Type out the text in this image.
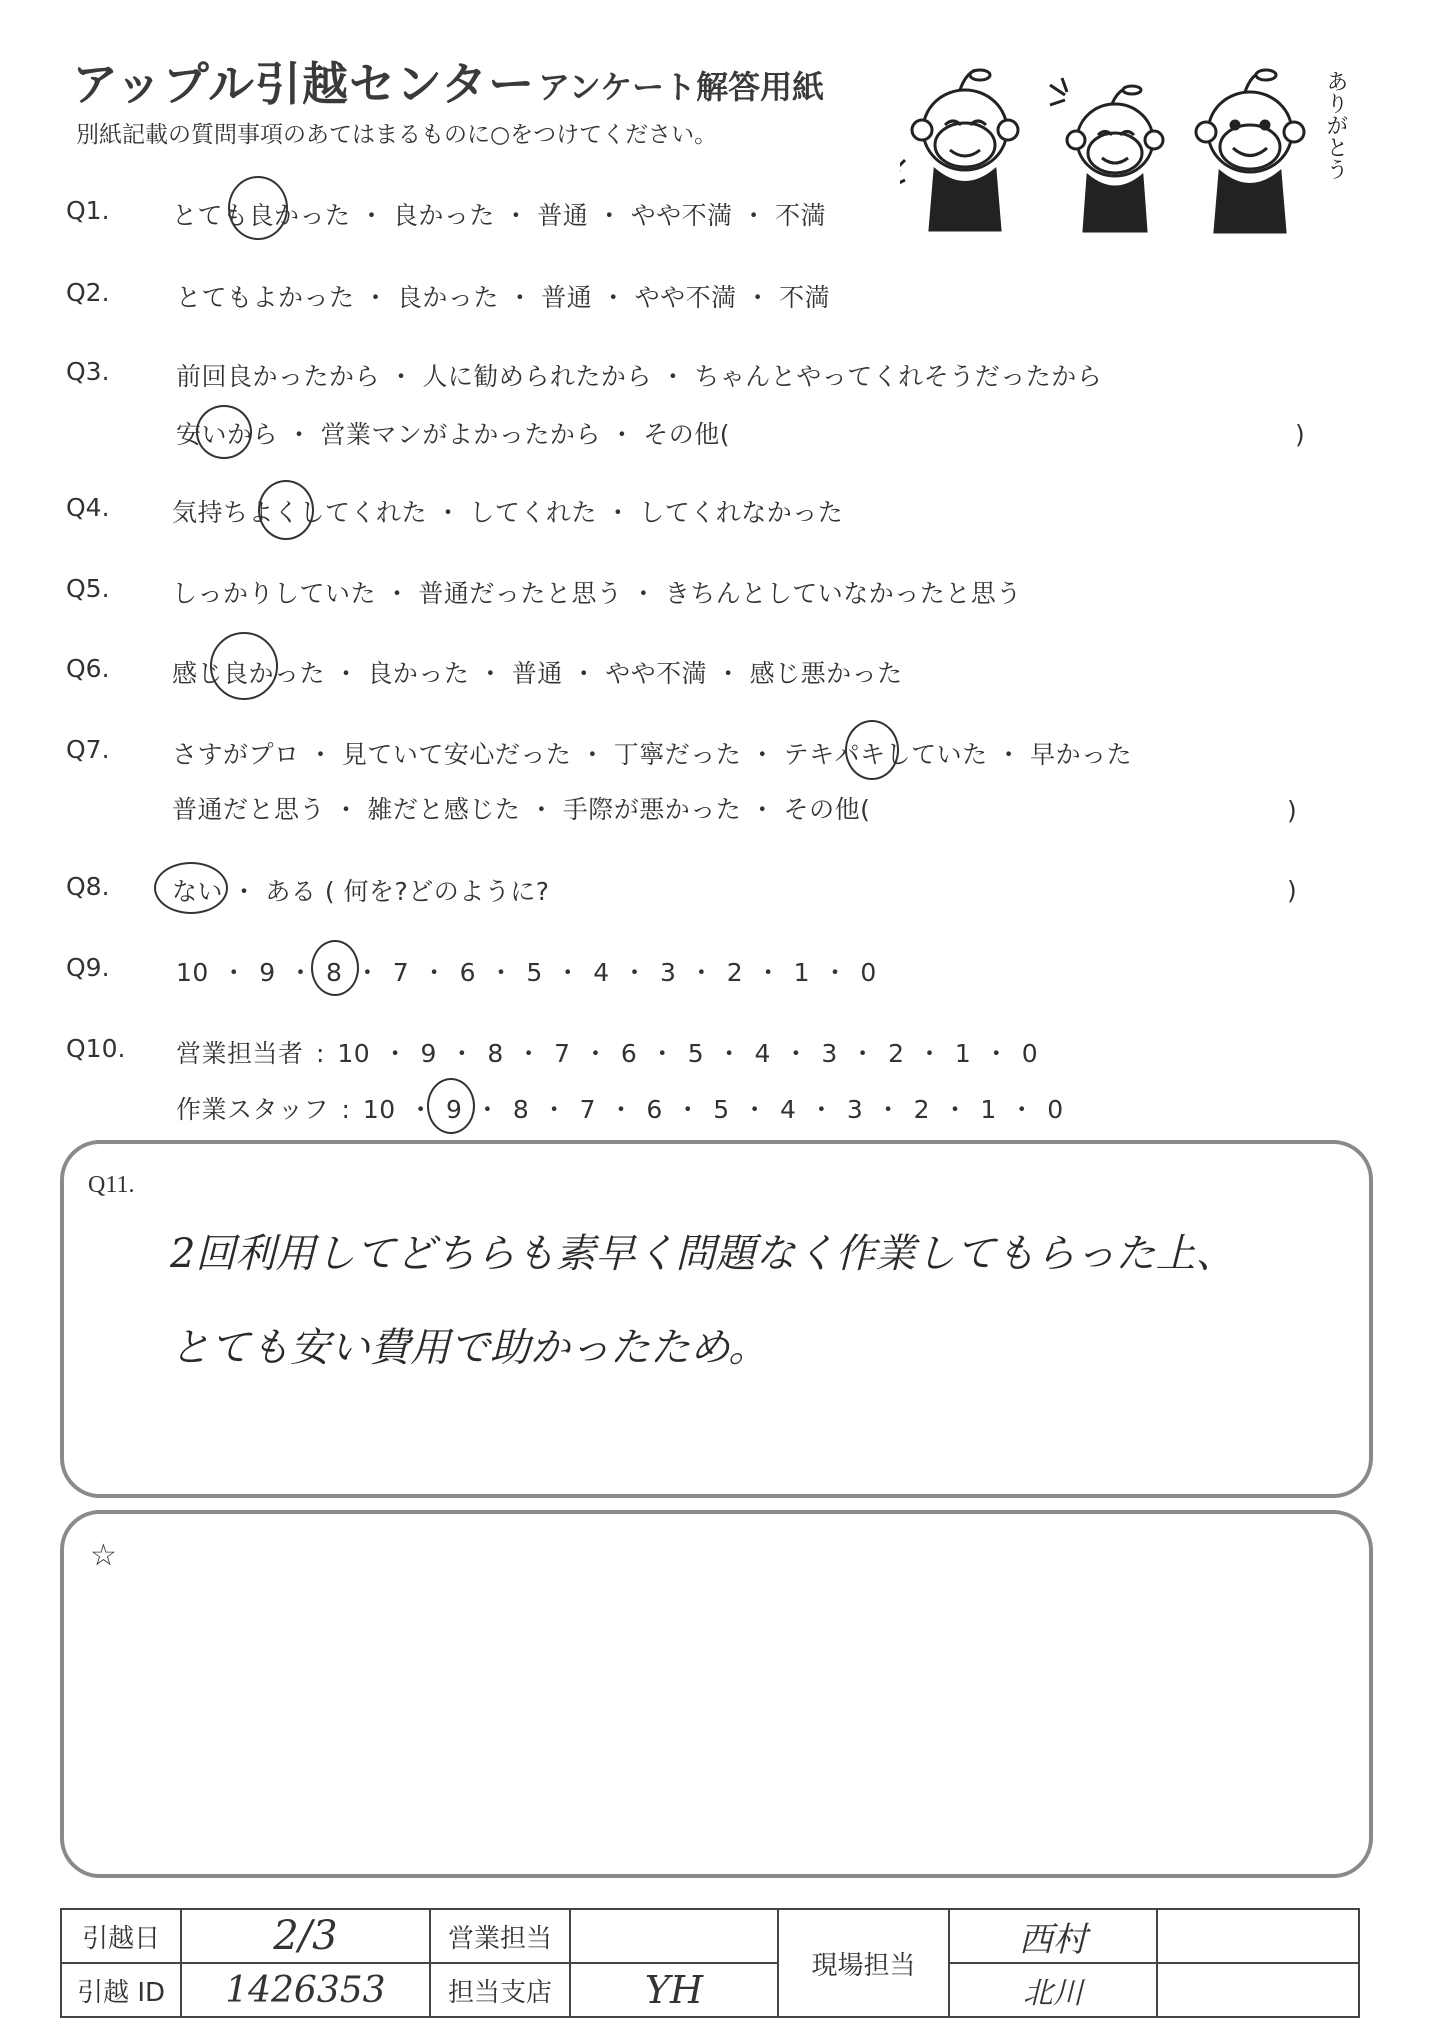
アップル引越センター アンケート解答用紙
別紙記載の質問事項のあてはまるものに○をつけてください。	ありがとう
Q1. とても良かった ・ 良かった ・ 普通 ・ やや不満 ・ 不満
Q2.	とてもよかった ・ 良かった ・ 普通 ・ やや不満 ・ 不満
Q3.	前回良かったから ・ 人に勧められたから ・ ちゃんとやってくれそうだったから
安いから ・ 営業マンがよかったから ・ その他(	)
Q4. 気持ちよくしてくれた ・ してくれた ・ してくれなかった
Q5. しっかりしていた ・ 普通だったと思う ・ きちんとしていなかったと思う
Q6. 感じ良かった ・ 良かった ・ 普通 ・ やや不満 ・ 感じ悪かった
Q7. さすがプロ ・ 見ていて安心だった ・ 丁寧だった ・ テキパキしていた ・ 早かった
普通だと思う ・ 雑だと感じた ・ 手際が悪かった ・ その他(	)
Q8. ない ・ ある ( 何を?どのように?	)
Q9.	10 ・ 9 ・ 8 ・ 7 ・ 6 ・ 5 ・ 4 ・ 3 ・ 2 ・ 1 ・ 0
Q10. 営業担当者 : 10 ・ 9 ・ 8 ・ 7 ・ 6 ・ 5 ・ 4 ・ 3 ・ 2 ・ 1 ・ 0
作業スタッフ : 10 ・ 9 ・ 8 ・ 7 ・ 6 ・ 5 ・ 4 ・ 3 ・ 2 ・ 1 ・ 0
Q11.
2回利用してどちらも素早く問題なく作業してもらった上、
とても安い費用で助かったため。
☆
引越日	2/3	営業担当		現場担当	西村	
引越 ID	1426353	担当支店	YH		北川	
